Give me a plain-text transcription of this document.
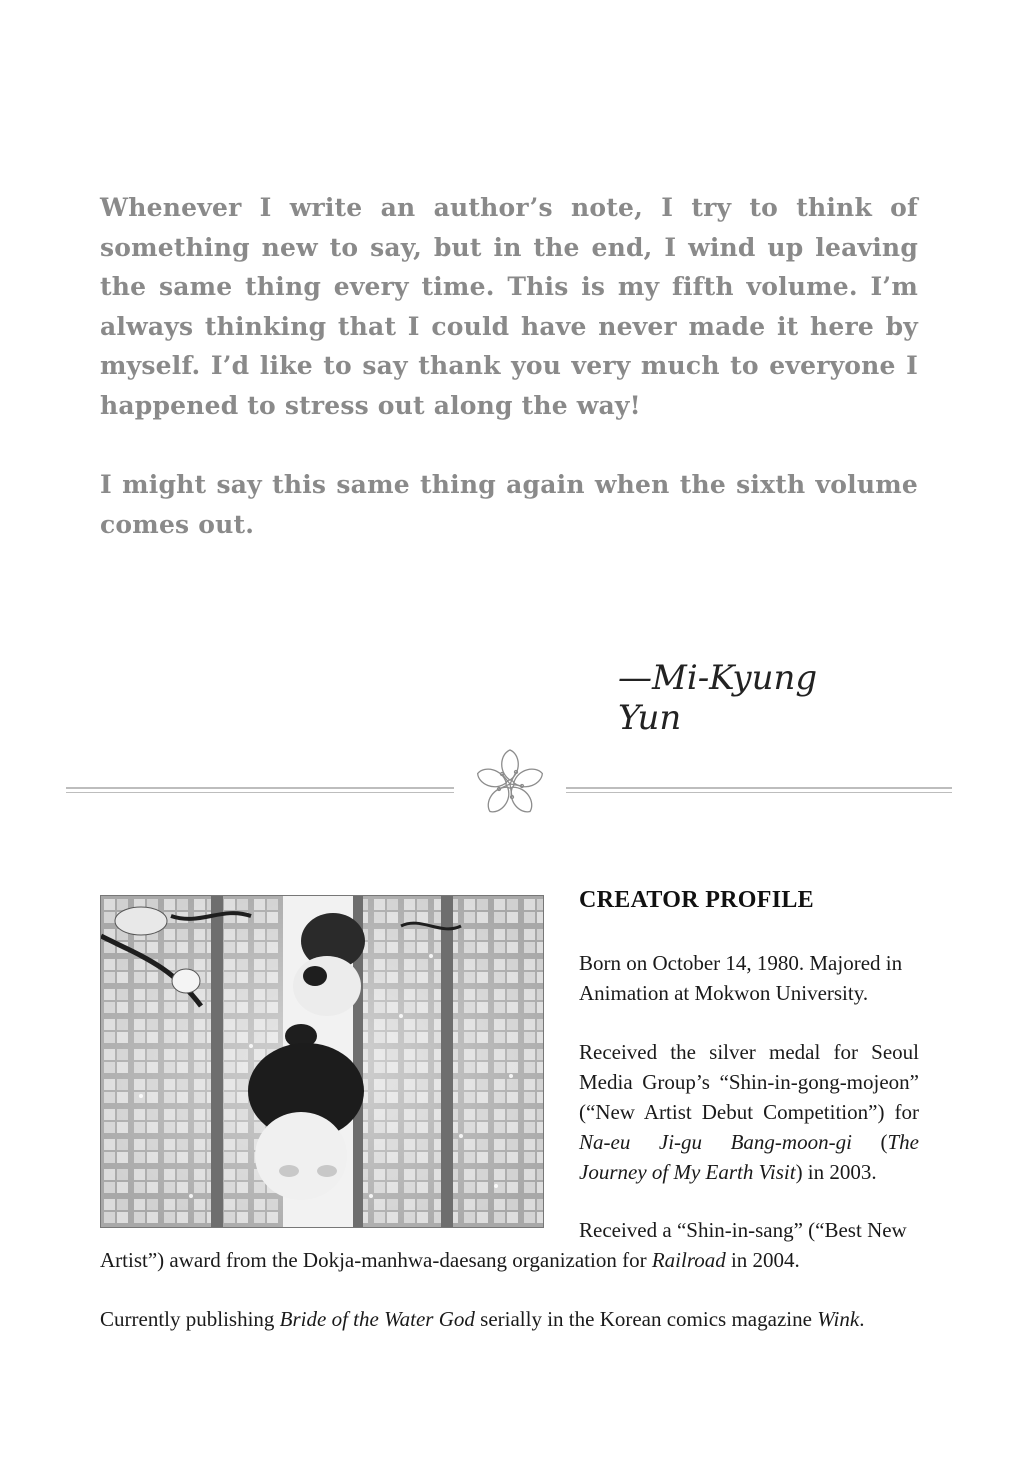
Whenever I write an author’s note, I try to think of something new to say, but in the end, I wind up leaving the same thing every time. This is my fifth volume. I’m always thinking that I could have never made it here by myself. I’d like to say thank you very much to everyone I happened to stress out along the way!

I might say this same thing again when the sixth volume comes out.

—Mi-Kyung Yun
CREATOR PROFILE

Born on October 14, 1980. Majored in Animation at Mokwon University.

Received the silver medal for Seoul Media Group’s “Shin-in-gong-mojeon” (“New Artist Debut Competition”) for Na-eu Ji-gu Bang-moon-gi (The Journey of My Earth Visit) in 2003.

Received a “Shin-in-sang” (“Best New

Artist”) award from the Dokja-manhwa-daesang organization for Railroad in 2004.

Currently publishing Bride of the Water God serially in the Korean comics magazine Wink.
